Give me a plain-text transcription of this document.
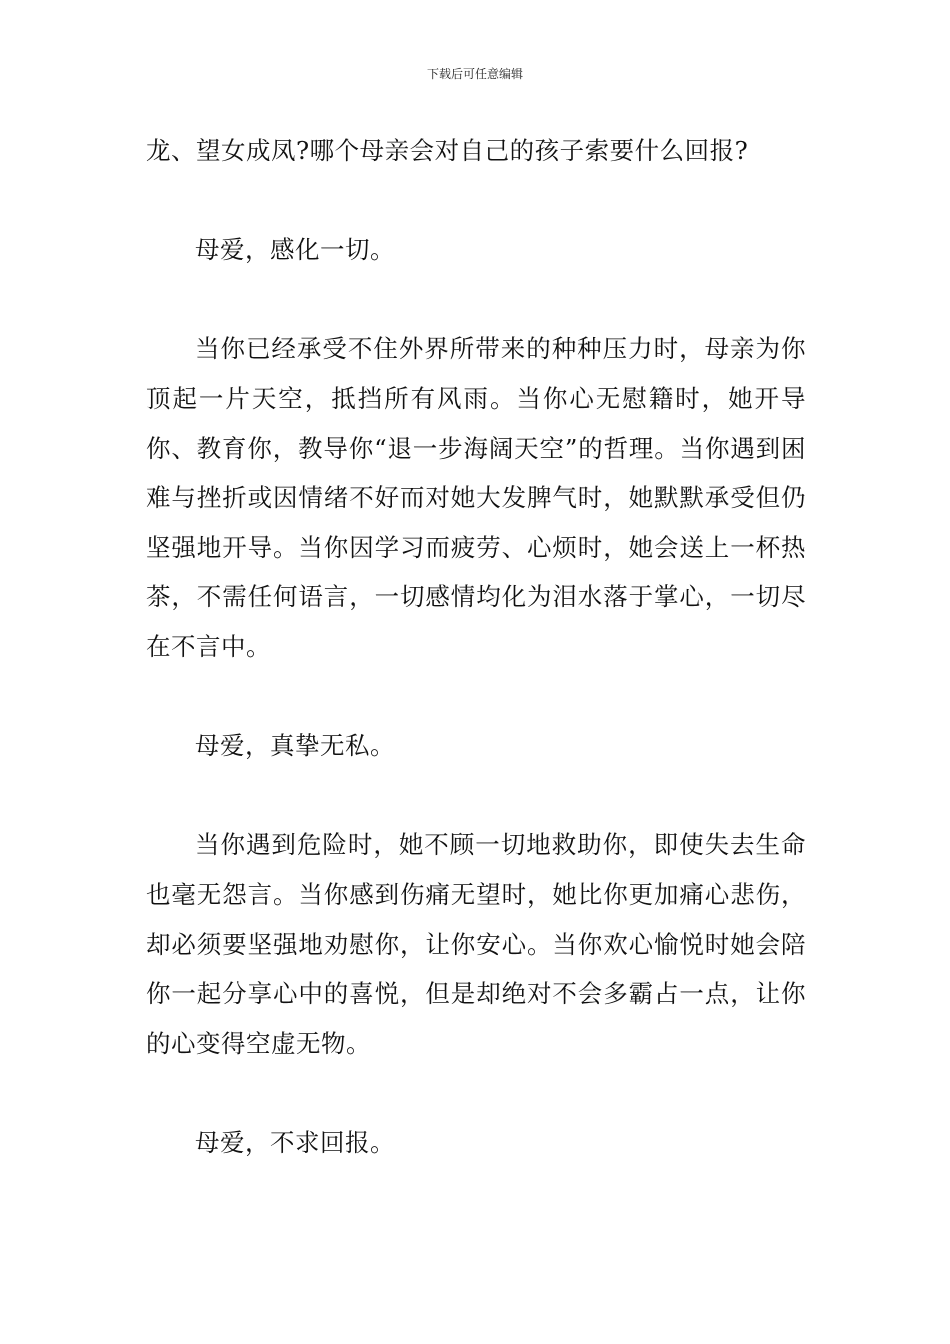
下载后可任意编辑

龙、望女成凤?哪个母亲会对自己的孩子索要什么回报?

母爱，感化一切。

当你已经承受不住外界所带来的种种压力时，母亲为你顶起一片天空，抵挡所有风雨。当你心无慰籍时，她开导你、教育你，教导你“退一步海阔天空”的哲理。当你遇到困难与挫折或因情绪不好而对她大发脾气时，她默默承受但仍坚强地开导。当你因学习而疲劳、心烦时，她会送上一杯热茶，不需任何语言，一切感情均化为泪水落于掌心，一切尽在不言中。

母爱，真挚无私。

当你遇到危险时，她不顾一切地救助你，即使失去生命也毫无怨言。当你感到伤痛无望时，她比你更加痛心悲伤，却必须要坚强地劝慰你，让你安心。当你欢心愉悦时她会陪你一起分享心中的喜悦，但是却绝对不会多霸占一点，让你的心变得空虚无物。

母爱，不求回报。
